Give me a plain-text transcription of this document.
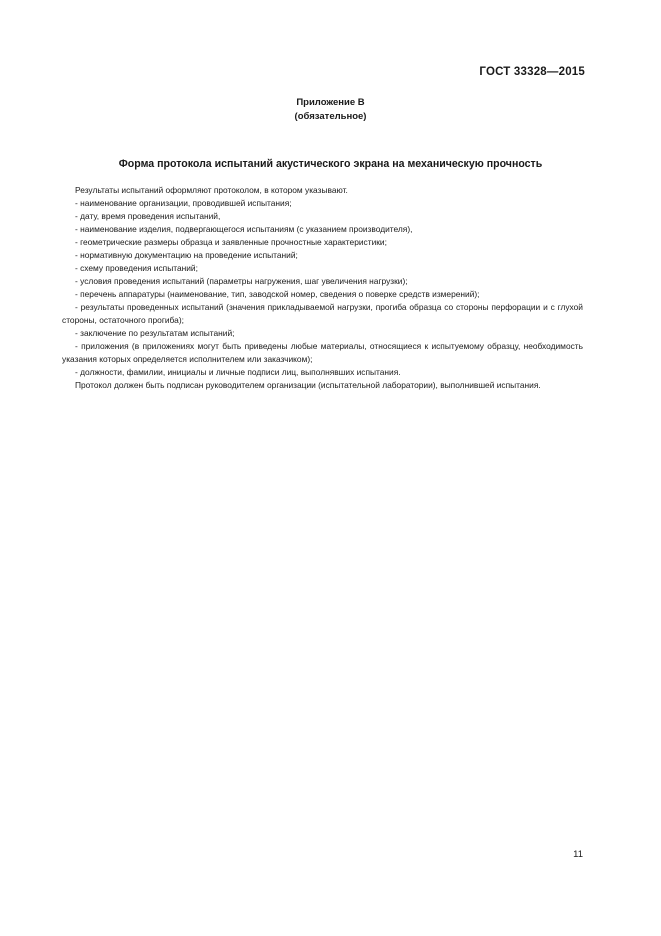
ГОСТ 33328—2015
Приложение В
(обязательное)
Форма протокола испытаний акустического экрана на механическую прочность

Результаты испытаний оформляют протоколом, в котором указывают.

- наименование организации, проводившей испытания;

- дату, время проведения испытаний,

- наименование изделия, подвергающегося испытаниям (с указанием производителя),

- геометрические размеры образца и заявленные прочностные характеристики;

- нормативную документацию на проведение испытаний;

- схему проведения испытаний;

- условия проведения испытаний (параметры нагружения, шаг увеличения нагрузки);

- перечень аппаратуры (наименование, тип, заводской номер, сведения о поверке средств измерений);

- результаты проведенных испытаний (значения прикладываемой нагрузки, прогиба образца со стороны перфорации и с глухой стороны, остаточного прогиба);

- заключение по результатам испытаний;

- приложения (в приложениях могут быть приведены любые материалы, относящиеся к испытуемому образцу, необходимость указания которых определяется исполнителем или заказчиком);

- должности, фамилии, инициалы и личные подписи лиц, выполнявших испытания.

Протокол должен быть подписан руководителем организации (испытательной лаборатории), выполнившей испытания.

11
